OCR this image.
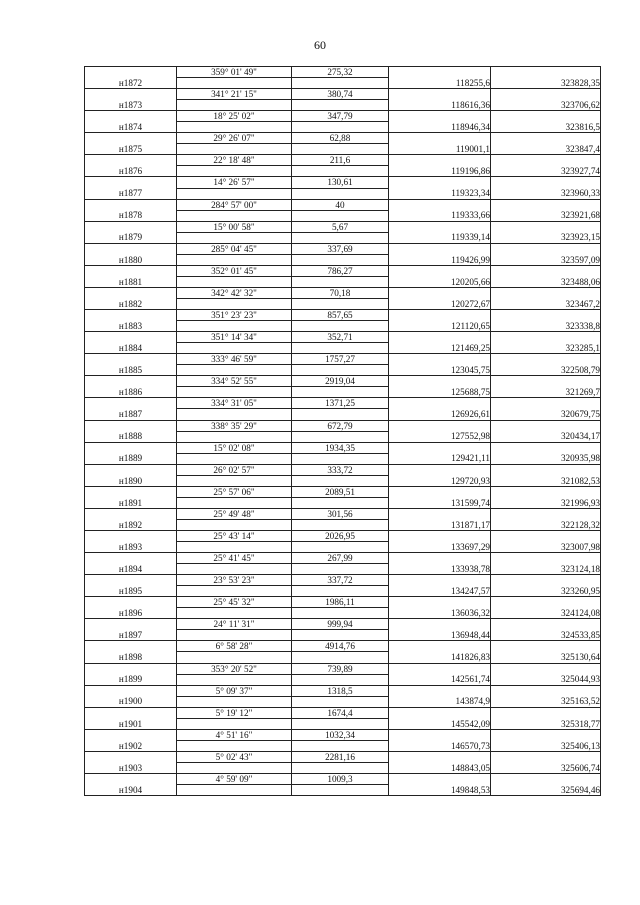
60
	359° 01' 49"	275,32		
н1872			118255,6	323828,35
	341° 21' 15"	380,74		
н1873			118616,36	323706,62
	18° 25' 02"	347,79		
н1874			118946,34	323816,5
	29° 26' 07"	62,88		
н1875			119001,1	323847,4
	22° 18' 48"	211,6		
н1876			119196,86	323927,74
	14° 26' 57"	130,61		
н1877			119323,34	323960,33
	284° 57' 00"	40		
н1878			119333,66	323921,68
	15° 00' 58"	5,67		
н1879			119339,14	323923,15
	285° 04' 45"	337,69		
н1880			119426,99	323597,09
	352° 01' 45"	786,27		
н1881			120205,66	323488,06
	342° 42' 32"	70,18		
н1882			120272,67	323467,2
	351° 23' 23"	857,65		
н1883			121120,65	323338,8
	351° 14' 34"	352,71		
н1884			121469,25	323285,1
	333° 46' 59"	1757,27		
н1885			123045,75	322508,79
	334° 52' 55"	2919,04		
н1886			125688,75	321269,7
	334° 31' 05"	1371,25		
н1887			126926,61	320679,75
	338° 35' 29"	672,79		
н1888			127552,98	320434,17
	15° 02' 08"	1934,35		
н1889			129421,11	320935,98
	26° 02' 57"	333,72		
н1890			129720,93	321082,53
	25° 57' 06"	2089,51		
н1891			131599,74	321996,93
	25° 49' 48"	301,56		
н1892			131871,17	322128,32
	25° 43' 14"	2026,95		
н1893			133697,29	323007,98
	25° 41' 45"	267,99		
н1894			133938,78	323124,18
	23° 53' 23"	337,72		
н1895			134247,57	323260,95
	25° 45' 32"	1986,11		
н1896			136036,32	324124,08
	24° 11' 31"	999,94		
н1897			136948,44	324533,85
	6° 58' 28"	4914,76		
н1898			141826,83	325130,64
	353° 20' 52"	739,89		
н1899			142561,74	325044,93
	5° 09' 37"	1318,5		
н1900			143874,9	325163,52
	5° 19' 12"	1674,4		
н1901			145542,09	325318,77
	4° 51' 16"	1032,34		
н1902			146570,73	325406,13
	5° 02' 43"	2281,16		
н1903			148843,05	325606,74
	4° 59' 09"	1009,3		
н1904			149848,53	325694,46
